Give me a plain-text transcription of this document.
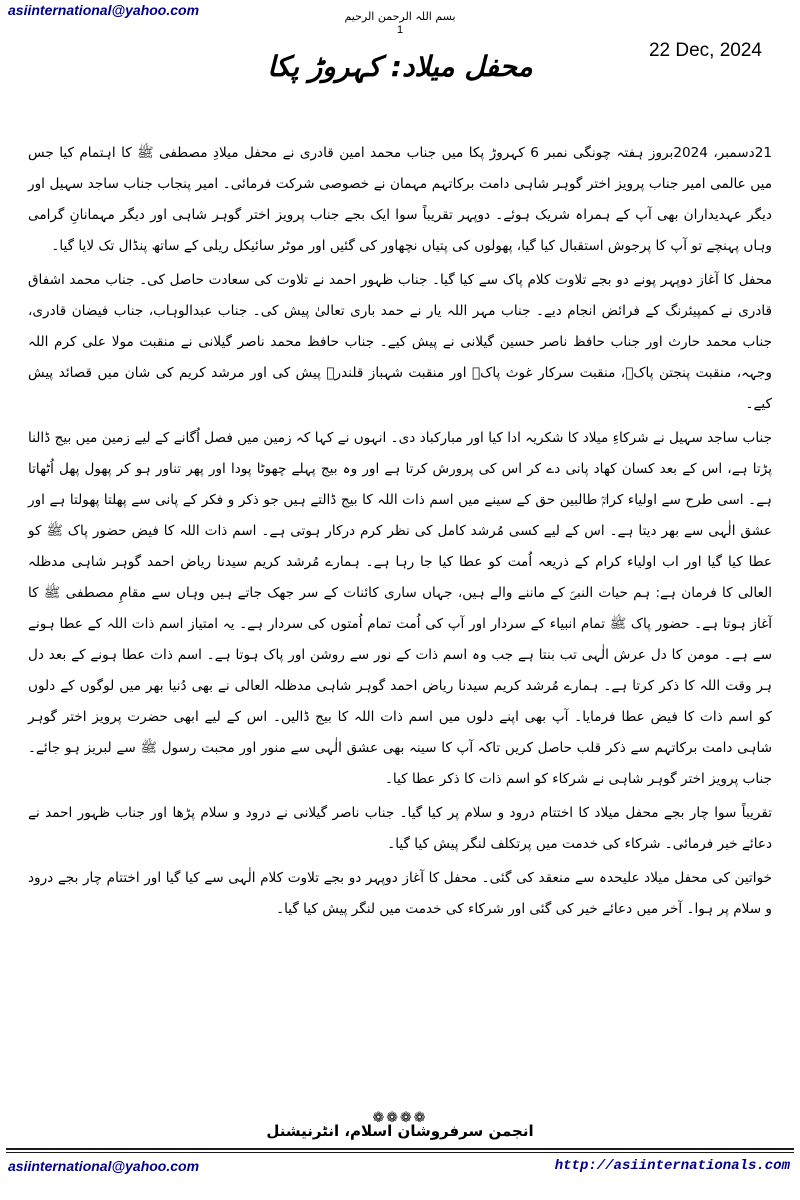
asiinternational@yahoo.com	بسم اللہ الرحمن الرحیم
1
22 Dec, 2024
محفل میلاد: کہروڑ پکا

21دسمبر، 2024بروز ہفتہ چونگی نمبر 6 کہروڑ پکا میں جناب محمد امین قادری نے محفل میلادِ مصطفی ﷺ کا اہتمام کیا جس میں عالمی امیر جناب پرویز اختر گوہر شاہی دامت برکاتہم مہمان نے خصوصی شرکت فرمائی۔ امیر پنجاب جناب ساجد سہیل اور دیگر عہدیداران بھی آپ کے ہمراہ شریک ہوئے۔ دوپہر تقریباً سوا ایک بجے جناب پرویز اختر گوہر شاہی اور دیگر مہمانانِ گرامی وہاں پہنچے تو آپ کا پرجوش استقبال کیا گیا، پھولوں کی پتیاں نچھاور کی گئیں اور موٹر سائیکل ریلی کے ساتھ پنڈال تک لایا گیا۔

محفل کا آغاز دوپہر پونے دو بجے تلاوت کلام پاک سے کیا گیا۔ جناب ظہور احمد نے تلاوت کی سعادت حاصل کی۔ جناب محمد اشفاق قادری نے کمپیئرنگ کے فرائض انجام دیے۔ جناب مہر اللہ یار نے حمد باری تعالیٰ پیش کی۔ جناب عبدالوہاب، جناب فیضان قادری، جناب محمد حارث اور جناب حافظ ناصر حسین گیلانی نے پیش کیے۔ جناب حافظ محمد ناصر گیلانی نے منقبت مولا علی کرم اللہ وجہہ، منقبت پنجتن پاکؑ، منقبت سرکار غوث پاکؓ اور منقبت شہباز قلندرؒ پیش کی اور مرشد کریم کی شان میں قصائد پیش کیے۔

جناب ساجد سہیل نے شرکاءِ میلاد کا شکریہ ادا کیا اور مبارکباد دی۔ انہوں نے کہا کہ زمین میں فصل اُگانے کے لیے زمین میں بیج ڈالنا پڑتا ہے، اس کے بعد کسان کھاد پانی دے کر اس کی پرورش کرتا ہے اور وہ بیج پہلے چھوٹا پودا اور پھر تناور ہو کر پھول پھل اُٹھاتا ہے۔ اسی طرح سے اولیاء کرامؒ طالبین حق کے سینے میں اسم ذات اللہ کا بیج ڈالتے ہیں جو ذکر و فکر کے پانی سے پھلتا پھولتا ہے اور عشق الٰہی سے بھر دیتا ہے۔ اس کے لیے کسی مُرشد کامل کی نظر کرم درکار ہوتی ہے۔ اسم ذات اللہ کا فیض حضور پاک ﷺ کو عطا کیا گیا اور اب اولیاء کرام کے ذریعہ اُمت کو عطا کیا جا رہا ہے۔ ہمارے مُرشد کریم سیدنا ریاض احمد گوہر شاہی مدظلہ العالی کا فرمان ہے: ہم حیات النبیؐ کے ماننے والے ہیں، جہاں ساری کائنات کے سر جھک جاتے ہیں وہاں سے مقامِ مصطفی ﷺ کا آغاز ہوتا ہے۔ حضور پاک ﷺ تمام انبیاء کے سردار اور آپ کی اُمت تمام اُمتوں کی سردار ہے۔ یہ امتیاز اسم ذات اللہ کے عطا ہونے سے ہے۔ مومن کا دل عرش الٰہی تب بنتا ہے جب وہ اسم ذات کے نور سے روشن اور پاک ہوتا ہے۔ اسم ذات عطا ہونے کے بعد دل ہر وقت اللہ کا ذکر کرتا ہے۔ ہمارے مُرشد کریم سیدنا ریاض احمد گوہر شاہی مدظلہ العالی نے بھی دُنیا بھر میں لوگوں کے دلوں کو اسم ذات کا فیض عطا فرمایا۔ آپ بھی اپنے دلوں میں اسم ذات اللہ کا بیج ڈالیں۔ اس کے لیے ابھی حضرت پرویز اختر گوہر شاہی دامت برکاتہم سے ذکر قلب حاصل کریں تاکہ آپ کا سینہ بھی عشق الٰہی سے منور اور محبت رسول ﷺ سے لبریز ہو جائے۔ جناب پرویز اختر گوہر شاہی نے شرکاء کو اسم ذات کا ذکر عطا کیا۔

تقریباً سوا چار بجے محفل میلاد کا اختتام درود و سلام پر کیا گیا۔ جناب ناصر گیلانی نے درود و سلام پڑھا اور جناب ظہور احمد نے دعائے خیر فرمائی۔ شرکاء کی خدمت میں پرتکلف لنگر پیش کیا گیا۔

خواتین کی محفل میلاد علیحدہ سے منعقد کی گئی۔ محفل کا آغاز دوپہر دو بجے تلاوت کلام الٰہی سے کیا گیا اور اختتام چار بجے درود و سلام پر ہوا۔ آخر میں دعائے خیر کی گئی اور شرکاء کی خدمت میں لنگر پیش کیا گیا۔

❁❁❁❁
انجمن سرفروشان اسلام، انٹرنیشنل
asiinternational@yahoo.com	http://asiinternationals.com
